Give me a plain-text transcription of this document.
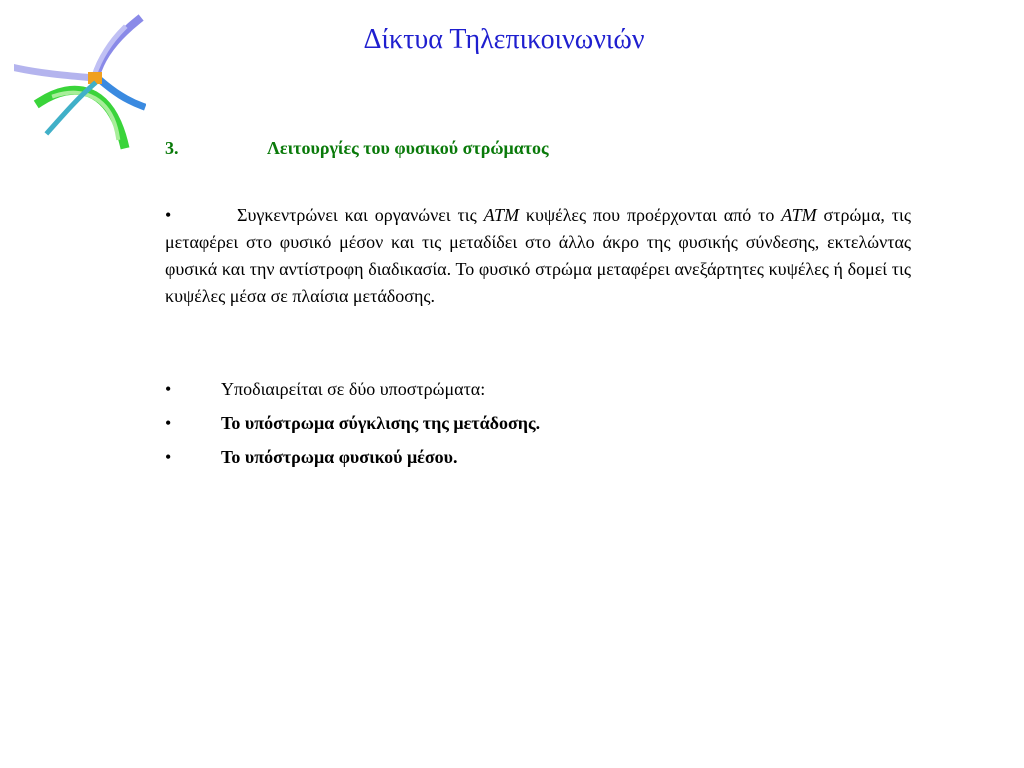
Δίκτυα Τηλεπικοινωνιών
3.	Λειτουργίες του φυσικού στρώματος

•	Συγκεντρώνει και οργανώνει τις ATM κυψέλες που προέρχονται από το ATM στρώμα, τις μεταφέρει στο φυσικό μέσον και τις μεταδίδει στο άλλο άκρο της φυσικής σύνδεσης, εκτελώντας φυσικά και την αντίστροφη διαδικασία. Το φυσικό στρώμα μεταφέρει ανεξάρτητες κυψέλες ή δομεί τις κυψέλες μέσα σε πλαίσια μετάδοσης.

•	Υποδιαιρείται σε δύο υποστρώματα:
•	Το υπόστρωμα σύγκλισης της μετάδοσης.
•	Το υπόστρωμα φυσικού μέσου.
